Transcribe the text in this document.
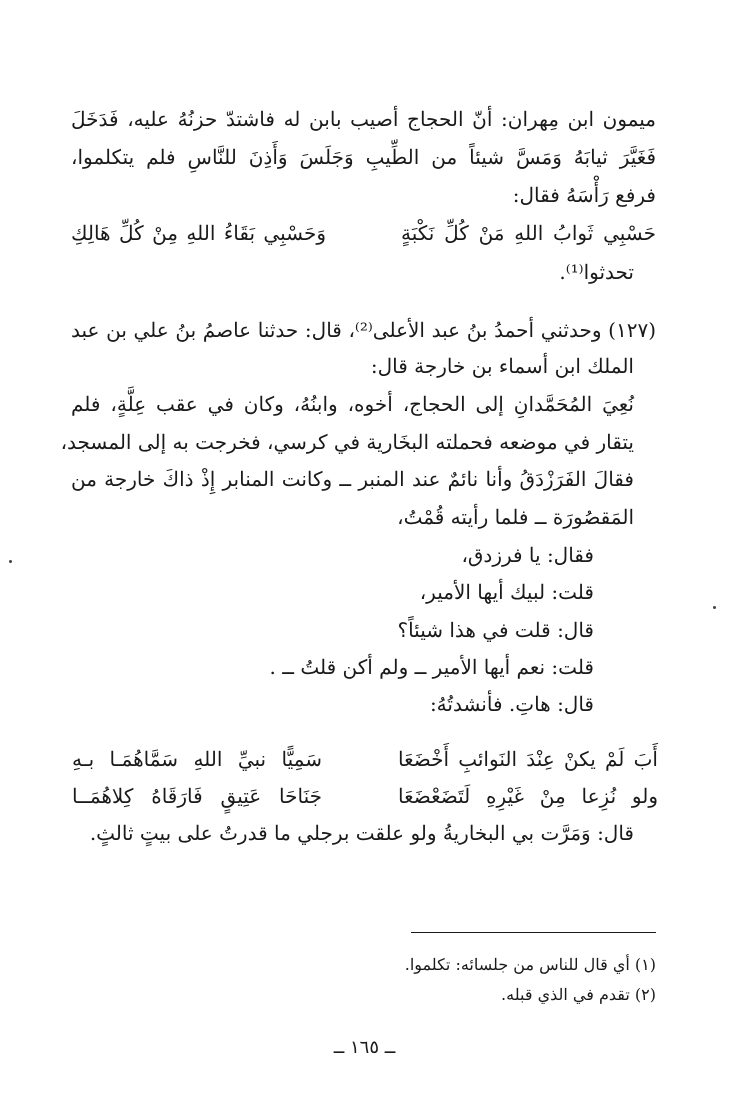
ميمون ابن مِهران: أنّ الحجاج أصيب بابن له فاشتدّ حزنُهُ عليه، فَدَخَلَ
فَغَيَّرَ ثيابَهُ وَمَسَّ شيئاً من الطِّيبِ وَجَلَسَ وَأَذِنَ للنَّاسِ فلم يتكلموا،
فرفع رَأْسَهُ فقال:
حَسْبِي ثَوابُ اللهِ مَنْ كُلِّ نَكْبَةٍ
وَحَسْبِي بَقَاءُ اللهِ مِنْ كُلِّ هَالِكِ
تحدثوا⁽¹⁾.
(١٢٧) وحدثني أحمدُ بنُ عبد الأعلى⁽²⁾، قال: حدثنا عاصمُ بنُ علي بن عبد
الملك ابن أسماء بن خارجة قال:
نُعِيَ المُحَمَّدانِ إلى الحجاج، أخوه، وابنُهُ، وكان في عقب عِلَّةٍ، فلم
يتقار في موضعه فحملته البخَارية في كرسي، فخرجت به إلى المسجد،
فقالَ الفَرَزْدَقُ وأنا نائمٌ عند المنبر ــ وكانت المنابر إِذْ ذاكَ خارجة من
المَقصُورَة ــ فلما رأيته قُمْتُ،
فقال: يا فرزدق،
قلت: لبيك أيها الأمير،
قال: قلت في هذا شيئاً؟
قلت: نعم أيها الأمير ــ ولم أكن قلتُ ــ .
قال: هاتِ. فأنشدتُهُ:
أَبَ لَمْ يكنْ عِنْدَ النَوائبِ أَخْضَعَا
سَمِيًّا نبيِّ اللهِ سَمَّاهُمَـا بـهِ
ولو نُزِعا مِنْ غَيْرِهِ لَتَضَعْضَعَا
جَنَاحَا عَتِيقٍ فَارَقَاهُ كِلاهُمَــا
قال: وَمَرَّت بي البخاريةُ ولو علقت برجلي ما قدرتُ على بيتٍ ثالثٍ.
(١) أي قال للناس من جلسائه: تكلموا.
(٢) تقدم في الذي قبله.
ــ ١٦٥ ــ
